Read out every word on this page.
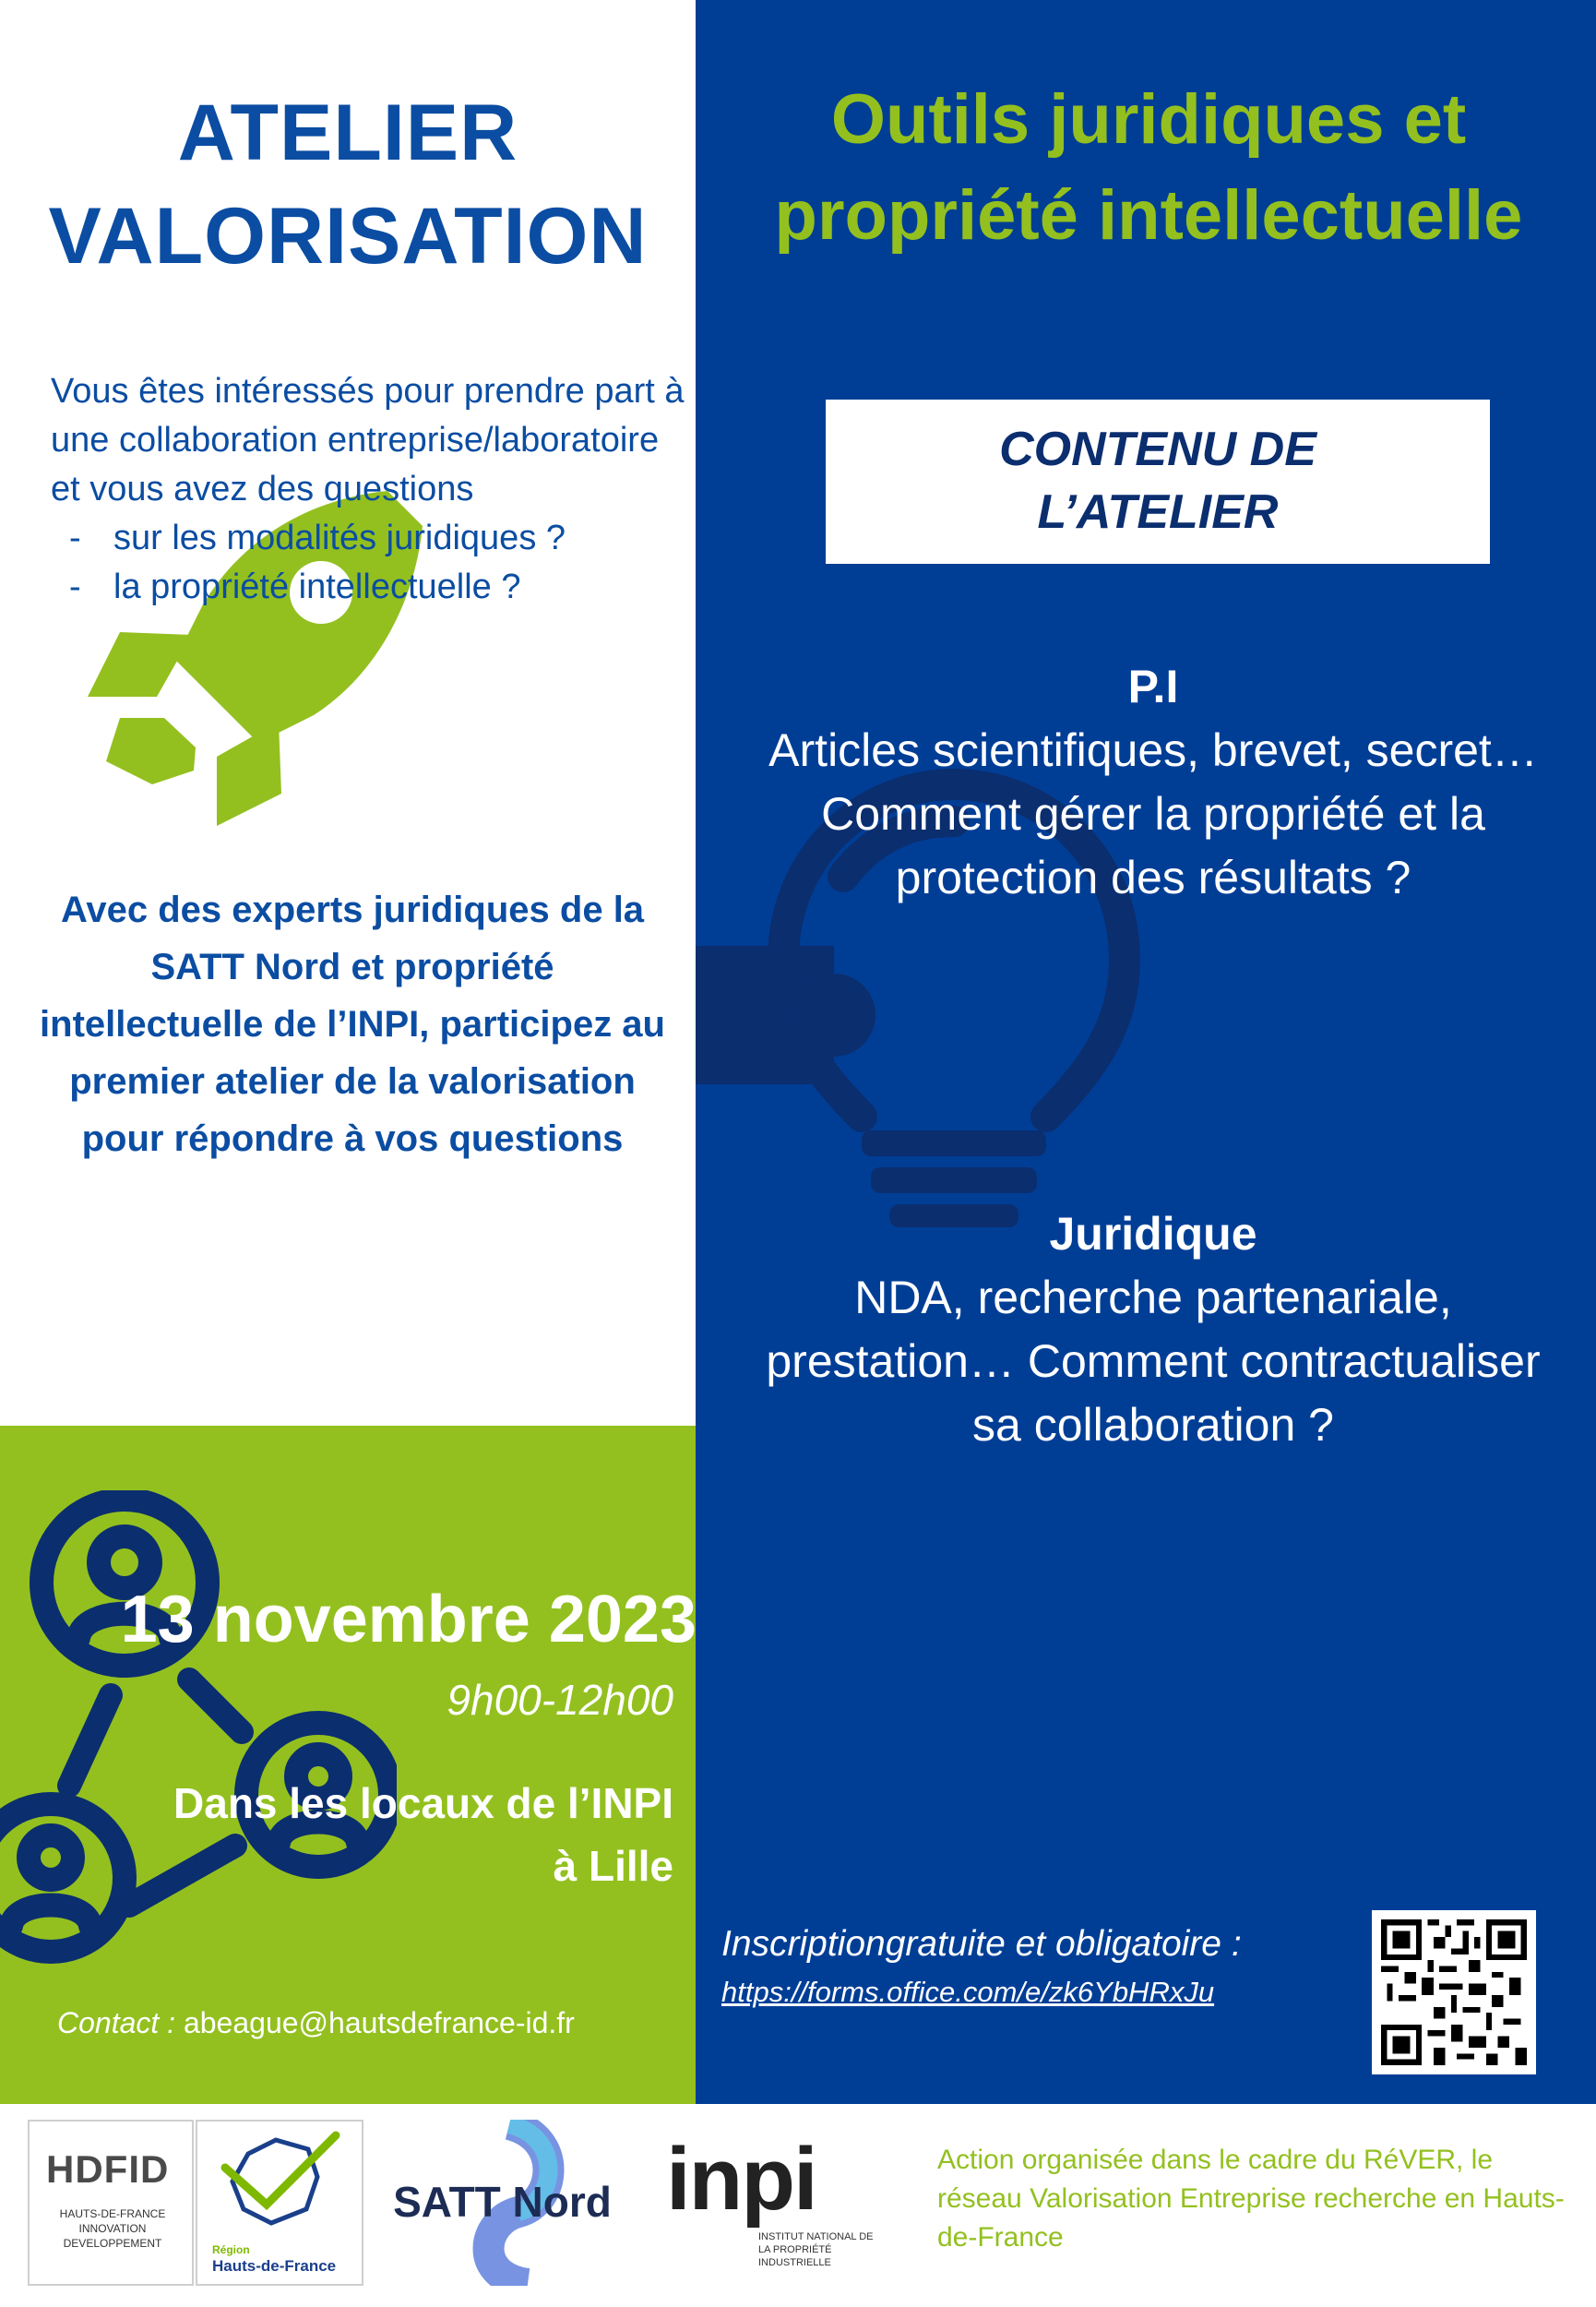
ATELIER
VALORISATION
Outils juridiques et
propriété intellectuelle

Vous êtes intéressés pour prendre part à une collaboration entreprise/laboratoire et vous avez des questions

- sur les modalités juridiques ?
- la propriété intellectuelle ?

Avec des experts juridiques de la SATT Nord et propriété intellectuelle de l’INPI, participez au premier atelier de la valorisation pour répondre à vos questions

CONTENU DE
L’ATELIER
P.I
Articles scientifiques, brevet, secret… Comment gérer la propriété et la protection des résultats ?
Juridique
NDA, recherche partenariale, prestation… Comment contractualiser sa collaboration ?
13 novembre 2023
9h00-12h00
Dans les locaux de l’INPI
à Lille
Contact : abeague@hautsdefrance-id.fr
Inscriptiongratuite et obligatoire :
https://forms.office.com/e/zk6YbHRxJu
HDFID
HAUTS-DE-FRANCE INNOVATION DEVELOPPEMENT	Région
Hauts-de-France
SATT Nord inpi
INSTITUT NATIONAL DE LA PROPRIÉTÉ INDUSTRIELLE

Action organisée dans le cadre du RéVER, le réseau Valorisation Entreprise recherche en Hauts-de-France
